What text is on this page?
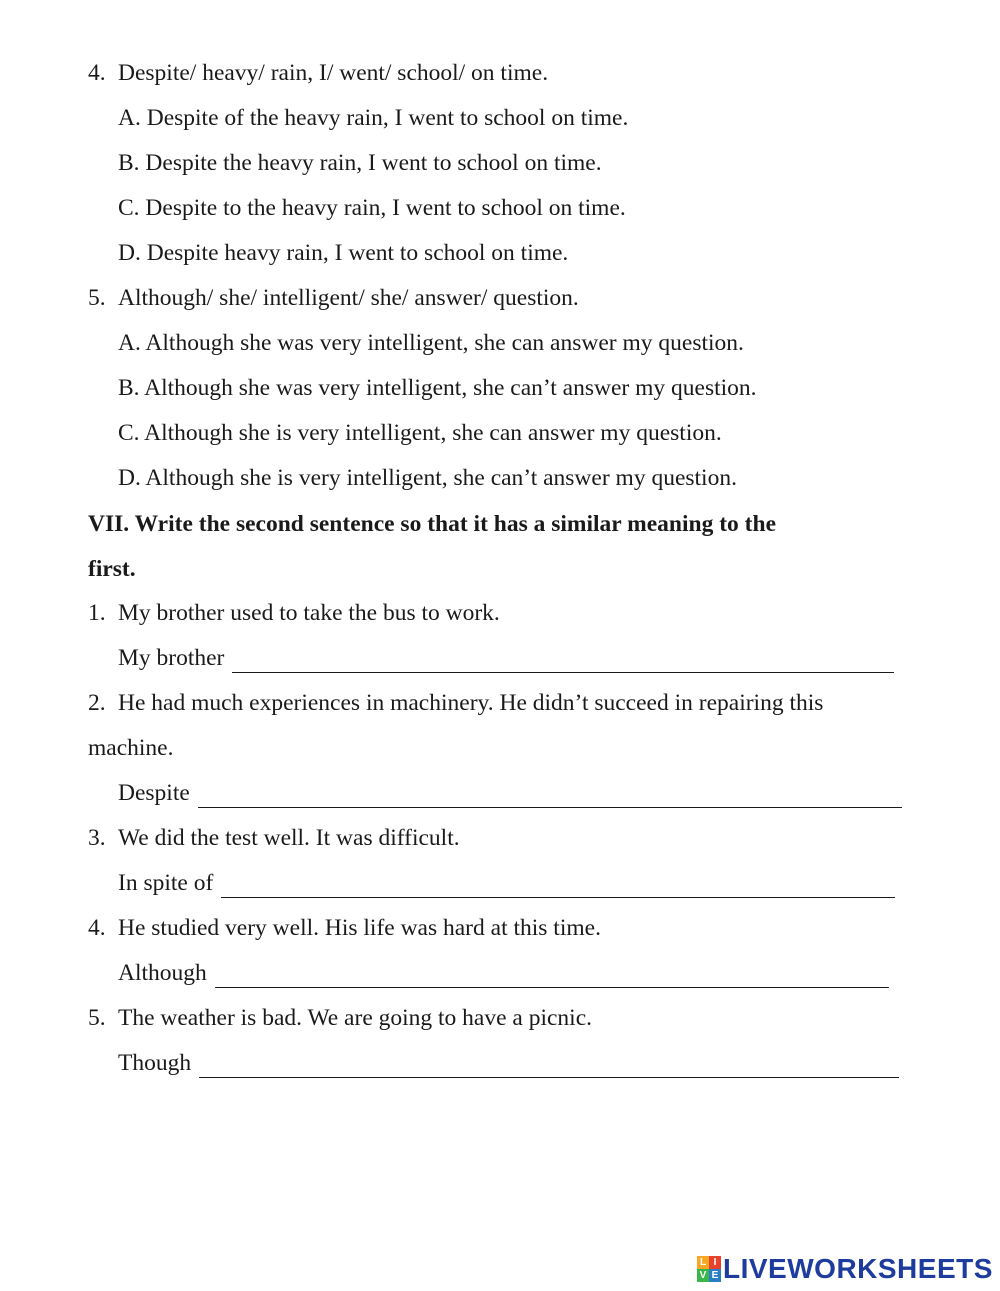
4. Despite/ heavy/ rain, I/ went/ school/ on time.
A. Despite of the heavy rain, I went to school on time.
B. Despite the heavy rain, I went to school on time.
C. Despite to the heavy rain, I went to school on time.
D. Despite heavy rain, I went to school on time.
5. Although/ she/ intelligent/ she/ answer/ question.
A. Although she was very intelligent, she can answer my question.
B. Although she was very intelligent, she can’t answer my question.
C. Although she is very intelligent, she can answer my question.
D. Although she is very intelligent, she can’t answer my question.
VII. Write the second sentence so that it has a similar meaning to the
first.
1. My brother used to take the bus to work.
My brother
2. He had much experiences in machinery. He didn’t succeed in repairing this
machine.
Despite
3. We did the test well. It was difficult.
In spite of
4. He studied very well. His life was hard at this time.
Although
5. The weather is bad. We are going to have a picnic.
Though
L I
V E LIVEWORKSHEETS
